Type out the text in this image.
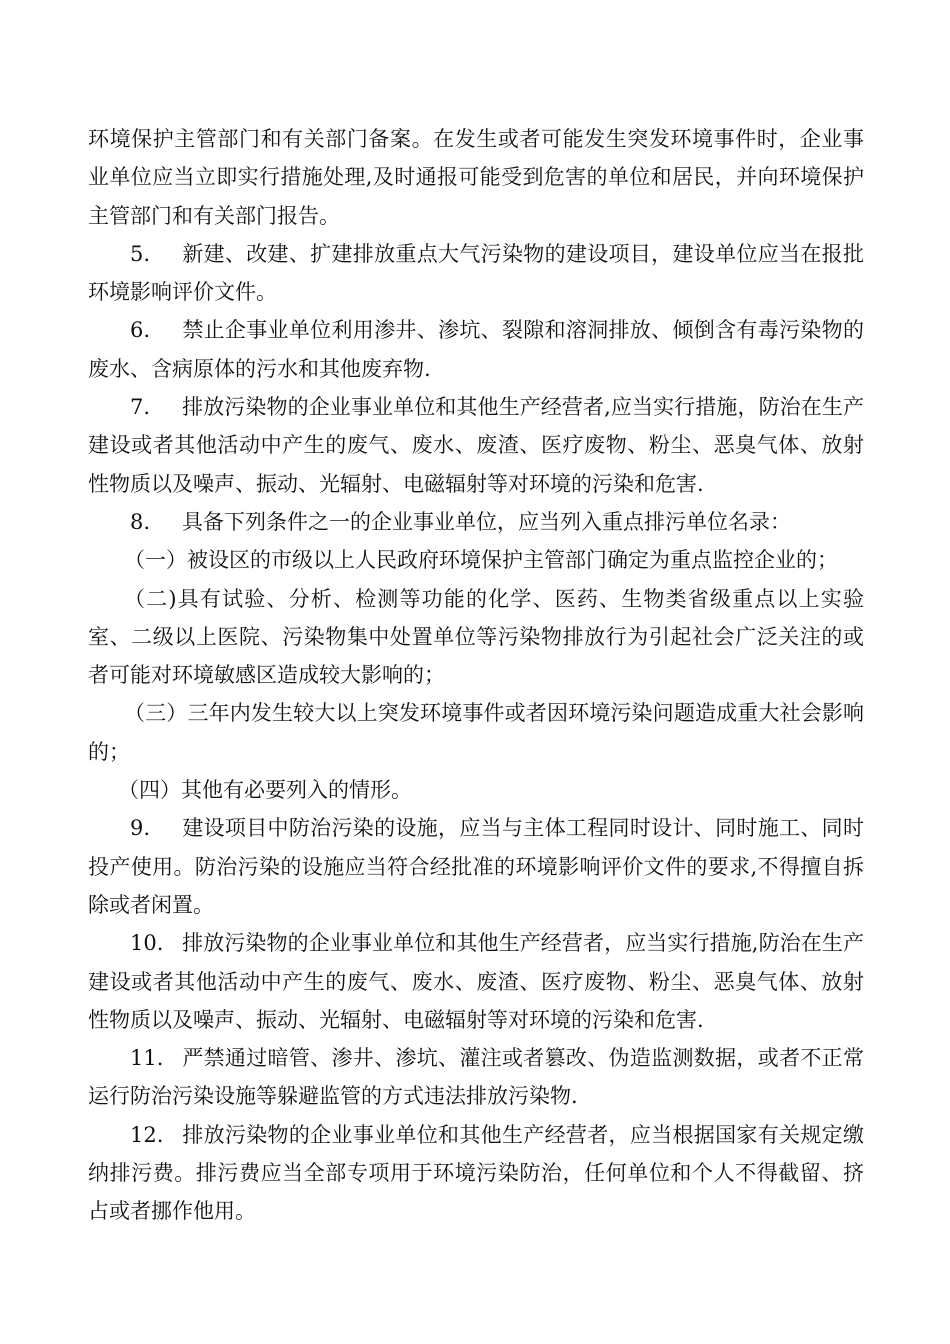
环境保护主管部门和有关部门备案。在发生或者可能发生突发环境事件时，企业事业单位应当立即实行措施处理,及时通报可能受到危害的单位和居民，并向环境保护主管部门和有关部门报告。

5. 新建、改建、扩建排放重点大气污染物的建设项目，建设单位应当在报批环境影响评价文件。

6. 禁止企事业单位利用渗井、渗坑、裂隙和溶洞排放、倾倒含有毒污染物的废水、含病原体的污水和其他废弃物.

7. 排放污染物的企业事业单位和其他生产经营者,应当实行措施，防治在生产建设或者其他活动中产生的废气、废水、废渣、医疗废物、粉尘、恶臭气体、放射性物质以及噪声、振动、光辐射、电磁辐射等对环境的污染和危害.

8. 具备下列条件之一的企业事业单位，应当列入重点排污单位名录：

（一）被设区的市级以上人民政府环境保护主管部门确定为重点监控企业的；

（二)具有试验、分析、检测等功能的化学、医药、生物类省级重点以上实验室、二级以上医院、污染物集中处置单位等污染物排放行为引起社会广泛关注的或者可能对环境敏感区造成较大影响的；

（三）三年内发生较大以上突发环境事件或者因环境污染问题造成重大社会影响的；

（四）其他有必要列入的情形。

9. 建设项目中防治污染的设施，应当与主体工程同时设计、同时施工、同时投产使用。防治污染的设施应当符合经批准的环境影响评价文件的要求,不得擅自拆除或者闲置。

10. 排放污染物的企业事业单位和其他生产经营者，应当实行措施,防治在生产建设或者其他活动中产生的废气、废水、废渣、医疗废物、粉尘、恶臭气体、放射性物质以及噪声、振动、光辐射、电磁辐射等对环境的污染和危害.

11. 严禁通过暗管、渗井、渗坑、灌注或者篡改、伪造监测数据，或者不正常运行防治污染设施等躲避监管的方式违法排放污染物.

12. 排放污染物的企业事业单位和其他生产经营者，应当根据国家有关规定缴纳排污费。排污费应当全部专项用于环境污染防治，任何单位和个人不得截留、挤占或者挪作他用。
